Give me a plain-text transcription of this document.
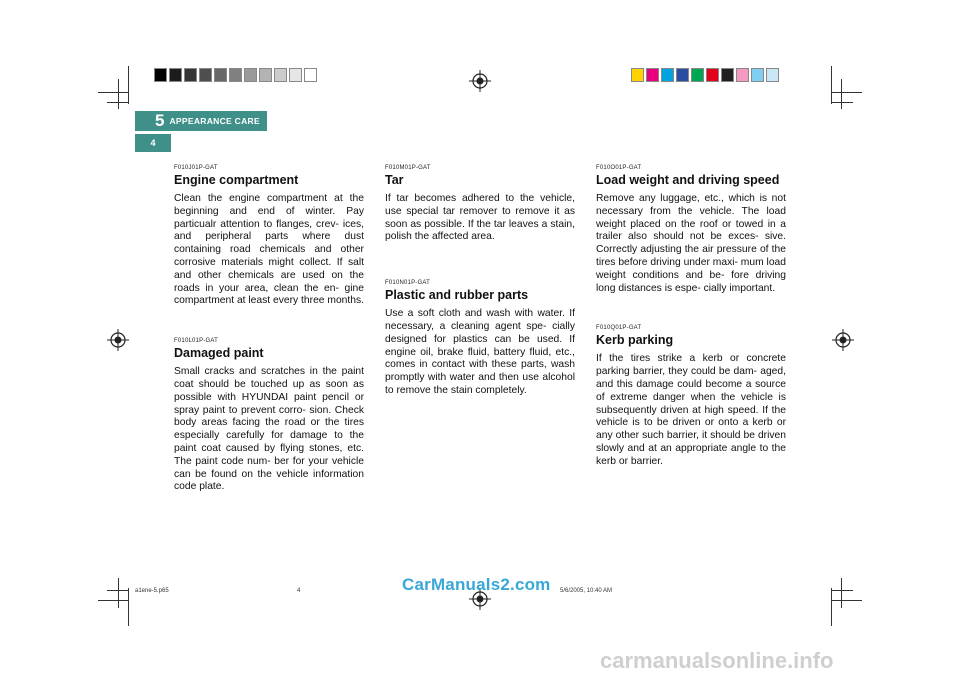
5 APPEARANCE CARE
4
F010J01P-GAT
Engine compartment
Clean the engine compartment at the beginning and end of winter. Pay particualr attention to flanges, crev- ices, and peripheral parts where dust containing road chemicals and other corrosive materials might collect. If salt and other chemicals are used on the roads in your area, clean the en- gine compartment at least every three months.
F010L01P-GAT
Damaged paint
Small cracks and scratches in the paint coat should be touched up as soon as possible with HYUNDAI paint pencil or spray paint to prevent corro- sion. Check body areas facing the road or the tires especially carefully for damage to the paint coat caused by flying stones, etc. The paint code num- ber for your vehicle can be found on the vehicle information code plate.
F010M01P-GAT
Tar
If tar becomes adhered to the vehicle, use special tar remover to remove it as soon as possible. If the tar leaves a stain, polish the affected area.
F010N01P-GAT
Plastic and rubber parts
Use a soft cloth and wash with water. If necessary, a cleaning agent spe- cially designed for plastics can be used. If engine oil, brake fluid, battery fluid, etc., comes in contact with these parts, wash promptly with water and then use alcohol to remove the stain completely.
F010O01P-GAT
Load weight and driving speed
Remove any luggage, etc., which is not necessary from the vehicle. The load weight placed on the roof or towed in a trailer also should not be exces- sive. Correctly adjusting the air pressure of the tires before driving under maxi- mum load weight conditions and be- fore driving long distances is espe- cially important.
F010Q01P-GAT
Kerb parking
If the tires strike a kerb or concrete parking barrier, they could be dam- aged, and this damage could become a source of extreme danger when the vehicle is subsequently driven at high speed. If the vehicle is to be driven or onto a kerb or any other such barrier, it should be driven slowly and at an appropriate angle to the kerb or barrier.
a1ene-5.p65	4	5/6/2005, 10:40 AM
CarManuals2.com
carmanualsonline.info
